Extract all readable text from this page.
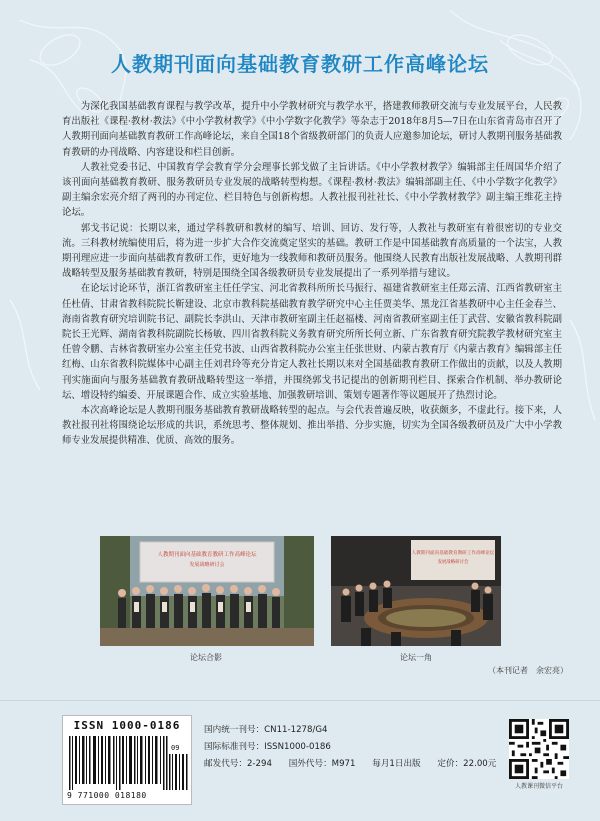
人教期刊面向基础教育教研工作高峰论坛

为深化我国基础教育课程与教学改革，提升中小学教材研究与教学水平，搭建教师教研交流与专业发展平台，人民教育出版社《课程·教材·教法》《中小学教材教学》《中小学数字化教学》等杂志于2018年8月5—7日在山东省青岛市召开了人教期刊面向基础教育教研工作高峰论坛，来自全国18个省级教研部门的负责人应邀参加论坛，研讨人教期刊服务基础教育教研的办刊战略、内容建设和栏目创新。

人教社党委书记、中国教育学会教育学分会理事长郭戈做了主旨讲话。《中小学教材教学》编辑部主任周国华介绍了该刊面向基础教育教研、服务教研员专业发展的战略转型构想。《课程·教材·教法》编辑部副主任、《中小学数字化教学》副主编余宏亮介绍了两刊的办刊定位、栏目特色与创新构想。人教社报刊社社长、《中小学教材教学》副主编王维花主持论坛。

郭戈书记说：长期以来，通过学科教研和教材的编写、培训、回访、发行等，人教社与教研室有着很密切的专业交流。三科教材统编使用后，将为进一步扩大合作交流奠定坚实的基础。教研工作是中国基础教育高质量的一个法宝，人教期刊理应进一步面向基础教育教研工作，更好地为一线教师和教研员服务。他围绕人民教育出版社发展战略、人教期刊群战略转型及服务基础教育教研，特别是围绕全国各级教研员专业发展提出了一系列举措与建议。

在论坛讨论环节，浙江省教研室主任任学宝、河北省教科所所长马振行、福建省教研室主任郑云清、江西省教研室主任杜倩、甘肃省教科院院长靳建设、北京市教科院基础教育教学研究中心主任贾美华、黑龙江省基教研中心主任金春兰、海南省教育研究培训院书记、副院长李洪山、天津市教研室副主任赵福楼、河南省教研室副主任丁武营、安徽省教科院副院长王光辉、湖南省教科院副院长杨敏、四川省教科院义务教育研究所所长何立新、广东省教育研究院教学教材研究室主任曾令鹏、吉林省教研室办公室主任党书波、山西省教科院办公室主任张世财、内蒙古教育厅《内蒙古教育》编辑部主任红梅、山东省教科院媒体中心副主任刘君玲等充分肯定人教社长期以来对全国基础教育教研工作做出的贡献，以及人教期刊实施面向与服务基础教育教研战略转型这一举措，并围绕郭戈书记提出的创新期刊栏目、探索合作机制、举办教研论坛、增设特约编委、开展课题合作、成立实验基地、加强教研培训、策划专题著作等议题展开了热烈讨论。

本次高峰论坛是人教期刊服务基础教育教研战略转型的起点。与会代表普遍反映，收获颇多，不虚此行。接下来，人教社报刊社将围绕论坛形成的共识，系统思考、整体规划、推出举措、分步实施，切实为全国各级教研员及广大中小学教师专业发展提供精准、优质、高效的服务。

人教期刊面向基础教育教研工作高峰论坛
发展战略研讨会
论坛合影
人教期刊面向基础教育教研工作高峰论坛
发展战略研讨会
论坛一角
（本刊记者　余宏亮）
ISSN 1000-0186
09
9 771000 018180
国内统一刊号：CN11-1278/G4
国际标准刊号：ISSN1000-0186
邮发代号：2-294 国外代号：M971 每月1日出版 定价：22.00元
人教课刊微信平台
